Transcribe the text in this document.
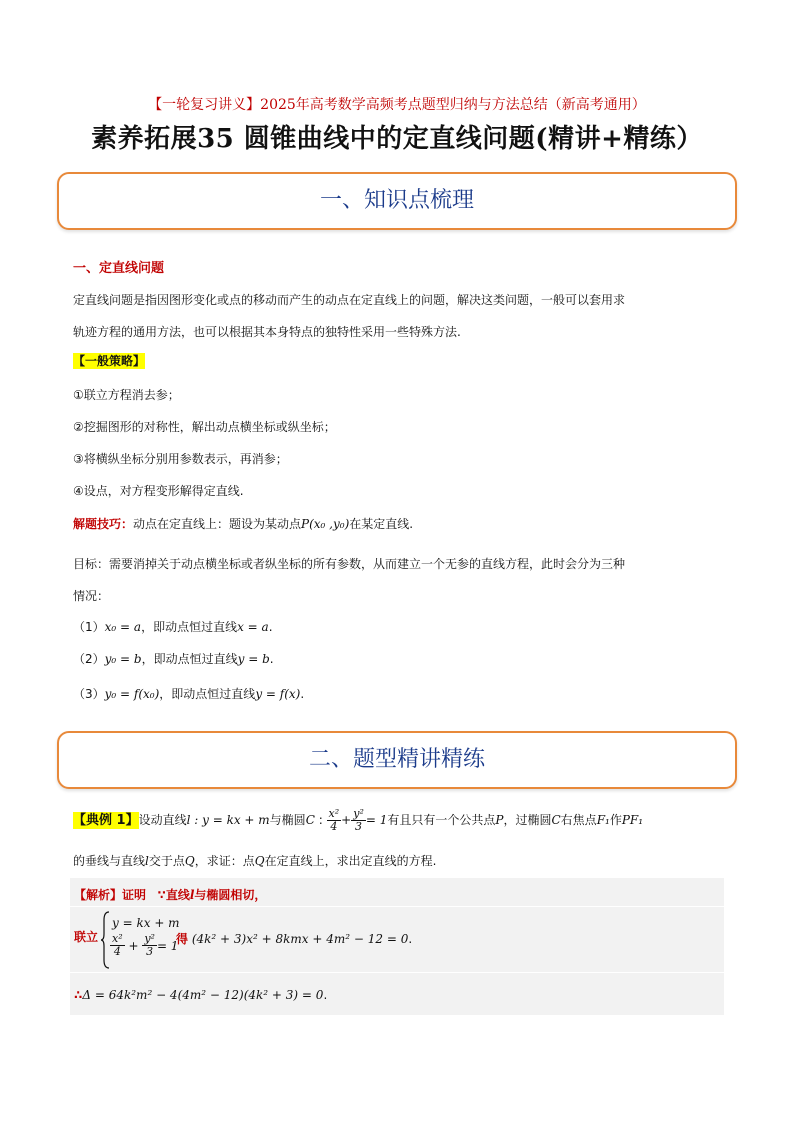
【一轮复习讲义】2025年高考数学高频考点题型归纳与方法总结（新高考通用）
素养拓展35 圆锥曲线中的定直线问题(精讲+精练）
一、知识点梳理
一、定直线问题
定直线问题是指因图形变化或点的移动而产生的动点在定直线上的问题，解决这类问题，一般可以套用求
轨迹方程的通用方法，也可以根据其本身特点的独特性采用一些特殊方法.
【一般策略】
①联立方程消去参；
②挖掘图形的对称性，解出动点横坐标或纵坐标；
③将横纵坐标分别用参数表示，再消参；
④设点，对方程变形解得定直线.
解题技巧：动点在定直线上：题设为某动点P(x₀ ,y₀)在某定直线.
目标：需要消掉关于动点横坐标或者纵坐标的所有参数，从而建立一个无参的直线方程，此时会分为三种
情况：
（1）x₀ = a，即动点恒过直线x = a.
（2）y₀ = b，即动点恒过直线y = b.
（3）y₀ = f(x₀)，即动点恒过直线y = f(x).
二、题型精讲精练
【典例 1】设动直线l : y = kx + m与椭圆C : $\frac{\text{x²}}{4} + \frac{\text{y²}}{3} = 1$有且只有一个公共点P，过椭圆C右焦点F₁作PF₁
的垂线与直线l交于点Q，求证：点Q在定直线上，求出定直线的方程.
【解析】证明 ∵直线l与椭圆相切，
联立
y = kx + m
$\frac{\text{x²}}{4} + \frac{\text{y²}}{3} = 1$
得 (4k² + 3)x² + 8kmx + 4m² − 12 = 0.
∴Δ = 64k²m² − 4(4m² − 12)(4k² + 3) = 0.
